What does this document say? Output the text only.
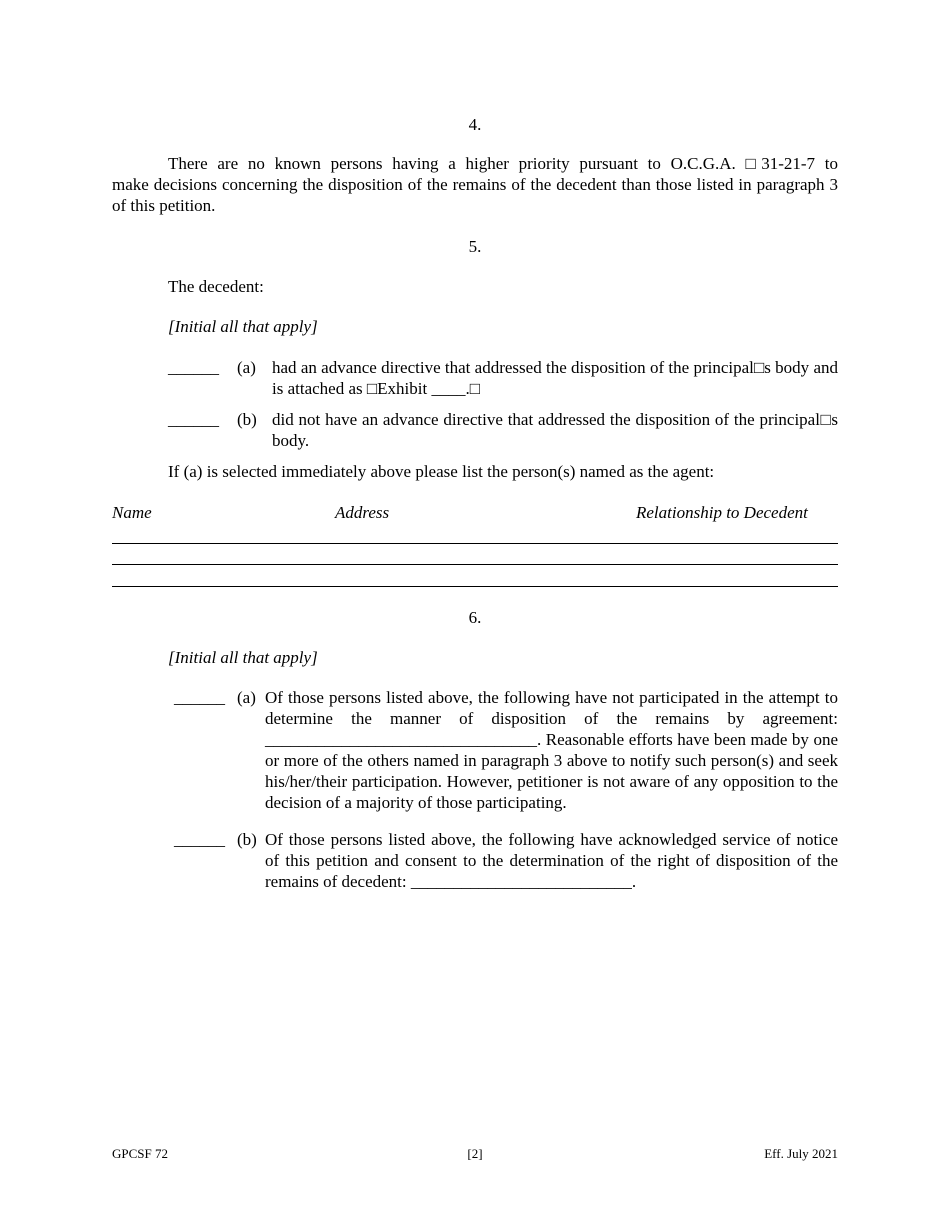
4.
There are no known persons having a higher priority pursuant to O.C.G.A. □31-21-7 to
make decisions concerning the disposition of the remains of the decedent than those listed in paragraph 3 of this petition.
5.
The decedent:
[Initial all that apply]
______ (a) had an advance directive that addressed the disposition of the principal□s body and is attached as □Exhibit ____.□
______ (b) did not have an advance directive that addressed the disposition of the principal□s body.
If (a) is selected immediately above please list the person(s) named as the agent:
Name	Address	Relationship to Decedent
6.
[Initial all that apply]
______ (a) Of those persons listed above, the following have not participated in the attempt to determine the manner of disposition of the remains by agreement: ________________________________. Reasonable efforts have been made by one or more of the others named in paragraph 3 above to notify such person(s) and seek his/her/their participation. However, petitioner is not aware of any opposition to the decision of a majority of those participating.
______ (b) Of those persons listed above, the following have acknowledged service of notice of this petition and consent to the determination of the right of disposition of the remains of decedent: __________________________.
GPCSF 72	[2]	Eff. July 2021
